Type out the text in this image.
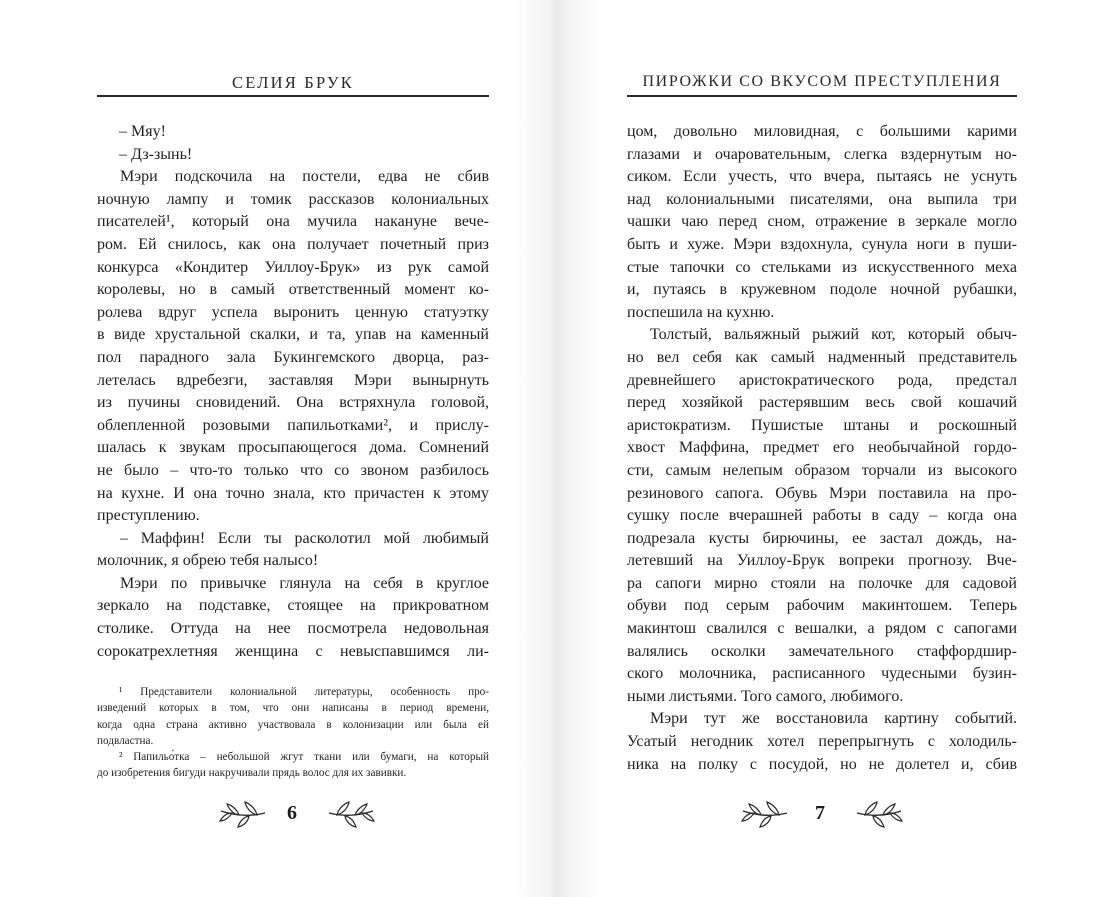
СЕЛИЯ БРУК
– Мяу!
– Дз-зынь!
Мэри подскочила на постели, едва не сбив
ночную лампу и томик рассказов колониальных
писателей¹, который она мучила накануне вече-
ром. Ей снилось, как она получает почетный приз
конкурса «Кондитер Уиллоу-Брук» из рук самой
королевы, но в самый ответственный момент ко-
ролева вдруг успела выронить ценную статуэтку
в виде хрустальной скалки, и та, упав на каменный
пол парадного зала Букингемского дворца, раз-
летелась вдребезги, заставляя Мэри вынырнуть
из пучины сновидений. Она встряхнула головой,
облепленной розовыми папильотками², и прислу-
шалась к звукам просыпающегося дома. Сомнений
не было – что-то только что со звоном разбилось
на кухне. И она точно знала, кто причастен к этому
преступлению.
– Маффин! Если ты расколотил мой любимый
молочник, я обрею тебя налысо!
Мэри по привычке глянула на себя в круглое
зеркало на подставке, стоящее на прикроватном
столике. Оттуда на нее посмотрела недовольная
сорокатрехлетняя женщина с невыспавшимся ли-
¹ Представители колониальной литературы, особенность про-
изведений которых в том, что они написаны в период времени,
когда одна страна активно участвовала в колонизации или была ей
подвластна.
² Папильо́тка – небольшой жгут ткани или бумаги, на который
до изобретения бигуди накручивали прядь волос для их завивки.
6
ПИРОЖКИ СО ВКУСОМ ПРЕСТУПЛЕНИЯ
цом, довольно миловидная, с большими карими
глазами и очаровательным, слегка вздернутым но-
сиком. Если учесть, что вчера, пытаясь не уснуть
над колониальными писателями, она выпила три
чашки чаю перед сном, отражение в зеркале могло
быть и хуже. Мэри вздохнула, сунула ноги в пуши-
стые тапочки со стельками из искусственного меха
и, путаясь в кружевном подоле ночной рубашки,
поспешила на кухню.
Толстый, вальяжный рыжий кот, который обыч-
но вел себя как самый надменный представитель
древнейшего аристократического рода, предстал
перед хозяйкой растерявшим весь свой кошачий
аристократизм. Пушистые штаны и роскошный
хвост Маффина, предмет его необычайной гордо-
сти, самым нелепым образом торчали из высокого
резинового сапога. Обувь Мэри поставила на про-
сушку после вчерашней работы в саду – когда она
подрезала кусты бирючины, ее застал дождь, на-
летевший на Уиллоу-Брук вопреки прогнозу. Вче-
ра сапоги мирно стояли на полочке для садовой
обуви под серым рабочим макинтошем. Теперь
макинтош свалился с вешалки, а рядом с сапогами
валялись осколки замечательного стаффордшир-
ского молочника, расписанного чудесными бузин-
ными листьями. Того самого, любимого.
Мэри тут же восстановила картину событий.
Усатый негодник хотел перепрыгнуть с холодиль-
ника на полку с посудой, но не долетел и, сбив
7
